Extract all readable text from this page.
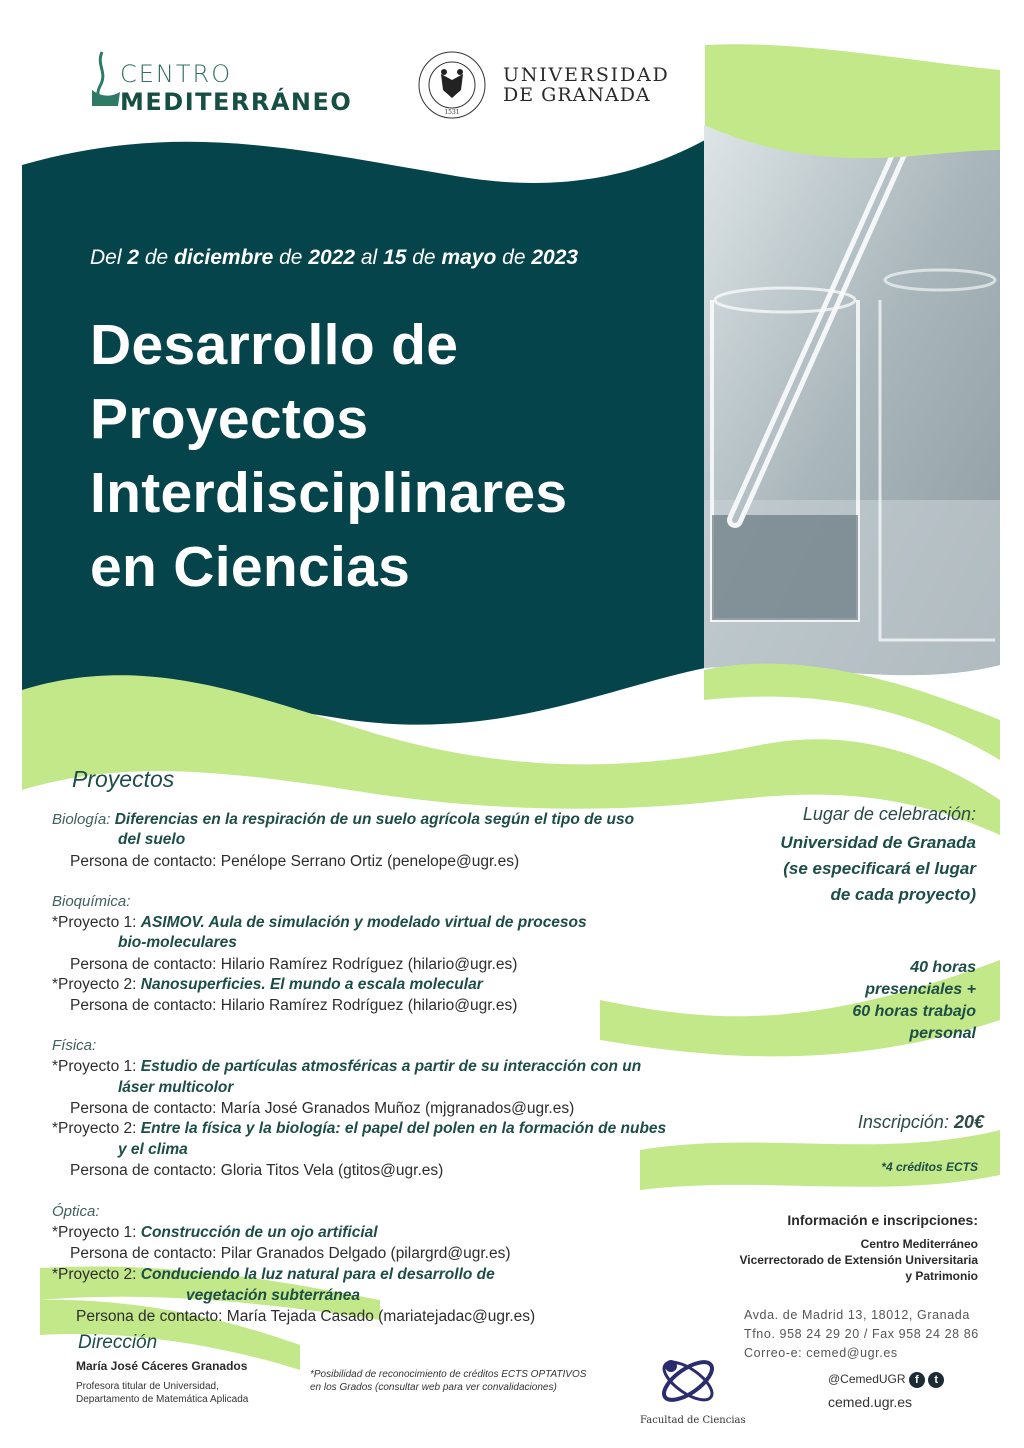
CENTRO
MEDITERRÁNEO	1531
UNIVERSIDAD
DE GRANADA
Del 2 de diciembre de 2022 al 15 de mayo de 2023
Desarrollo de
Proyectos
Interdisciplinares
en Ciencias
Proyectos
Biología: Diferencias en la respiración de un suelo agrícola según el tipo de uso
del suelo
Persona de contacto: Penélope Serrano Ortiz (penelope@ugr.es)
Bioquímica:
*Proyecto 1: ASIMOV. Aula de simulación y modelado virtual de procesos
bio-moleculares
Persona de contacto: Hilario Ramírez Rodríguez (hilario@ugr.es)
*Proyecto 2: Nanosuperficies. El mundo a escala molecular
Persona de contacto: Hilario Ramírez Rodríguez (hilario@ugr.es)
Física:
*Proyecto 1: Estudio de partículas atmosféricas a partir de su interacción con un
láser multicolor
Persona de contacto: María José Granados Muñoz (mjgranados@ugr.es)
*Proyecto 2: Entre la física y la biología: el papel del polen en la formación de nubes
y el clima
Persona de contacto: Gloria Titos Vela (gtitos@ugr.es)
Óptica:
*Proyecto 1: Construcción de un ojo artificial
Persona de contacto: Pilar Granados Delgado (pilargrd@ugr.es)
*Proyecto 2: Conduciendo la luz natural para el desarrollo de
vegetación subterránea
Persona de contacto: María Tejada Casado (mariatejadac@ugr.es)
Dirección
María José Cáceres Granados
Profesora titular de Universidad,
Departamento de Matemática Aplicada
*Posibilidad de reconocimiento de créditos ECTS OPTATIVOS
en los Grados (consultar web para ver convalidaciones)
Facultad de Ciencias
Lugar de celebración:
Universidad de Granada
(se especificará el lugar
de cada proyecto)
40 horas
presenciales +
60 horas trabajo
personal
Inscripción: 20€
*4 créditos ECTS
Información e inscripciones:
Centro Mediterráneo
Vicerrectorado de Extensión Universitaria
y Patrimonio
Avda. de Madrid 13, 18012, Granada
Tfno. 958 24 29 20 / Fax 958 24 28 86
Correo-e: cemed@ugr.es
@CemedUGR f t
cemed.ugr.es
